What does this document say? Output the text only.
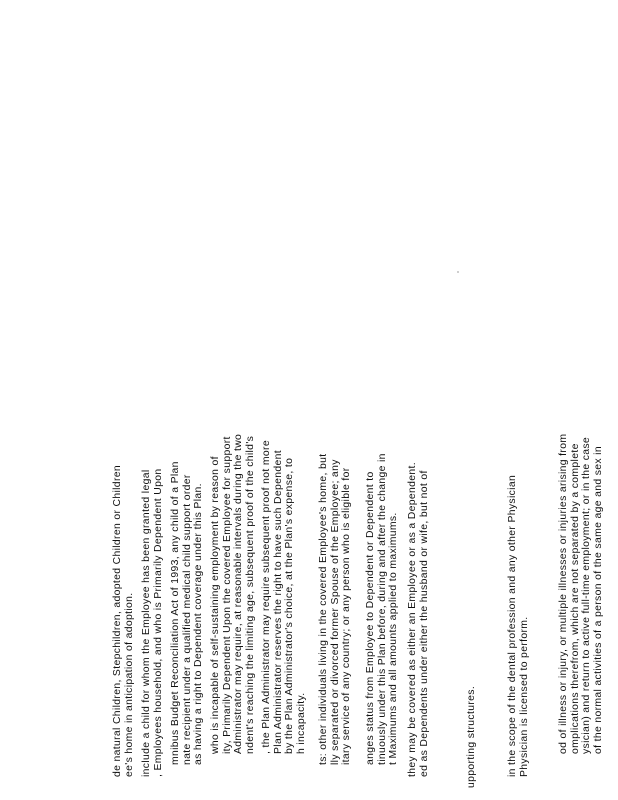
de natural Children, Stepchildren, adopted Children or Children ee's home in anticipation of adoption. include a child for whom the Employee has been granted legal , Employees household, and who is Primarily Dependent Upon mnibus Budget Reconciliation Act of 1993, any child of a Plan nate recipient under a qualified medical child support order as having a right to Dependent coverage under this Plan. who is incapable of self-sustaining employment by reason of ity, Primarily Dependent Upon the covered Employee for support Administrator may require, at reasonable intervals during the two ndent's reaching the limiting age, subsequent proof of the child's , the Plan Administrator may require subsequent proof not more Plan Administrator reserves the right to have such Dependent by the Plan Administrator's choice, at the Plan's expense, to h incapacity. ts: other individuals living in the covered Employee's home, but lly separated or divorced former Spouse of the Employee; any itary service of any country; or any person who is eligible for anges status from Employee to Dependent or Dependent to tinuously under this Plan before, during and after the change in t Maximums and all amounts applied to maximums. they may be covered as either an Employee or as a Dependent. ed as Dependents under either the husband or wife, but not of	upporting structures.	in the scope of the dental profession and any other Physician Physician is licensed to perform.	od of illness or injury, or multiple illnesses or injuries arising from omplications therefrom, which are not separated by a complete ysician) and return to active full-time employment; or in the case of the normal activities of a person of the same age and sex in
